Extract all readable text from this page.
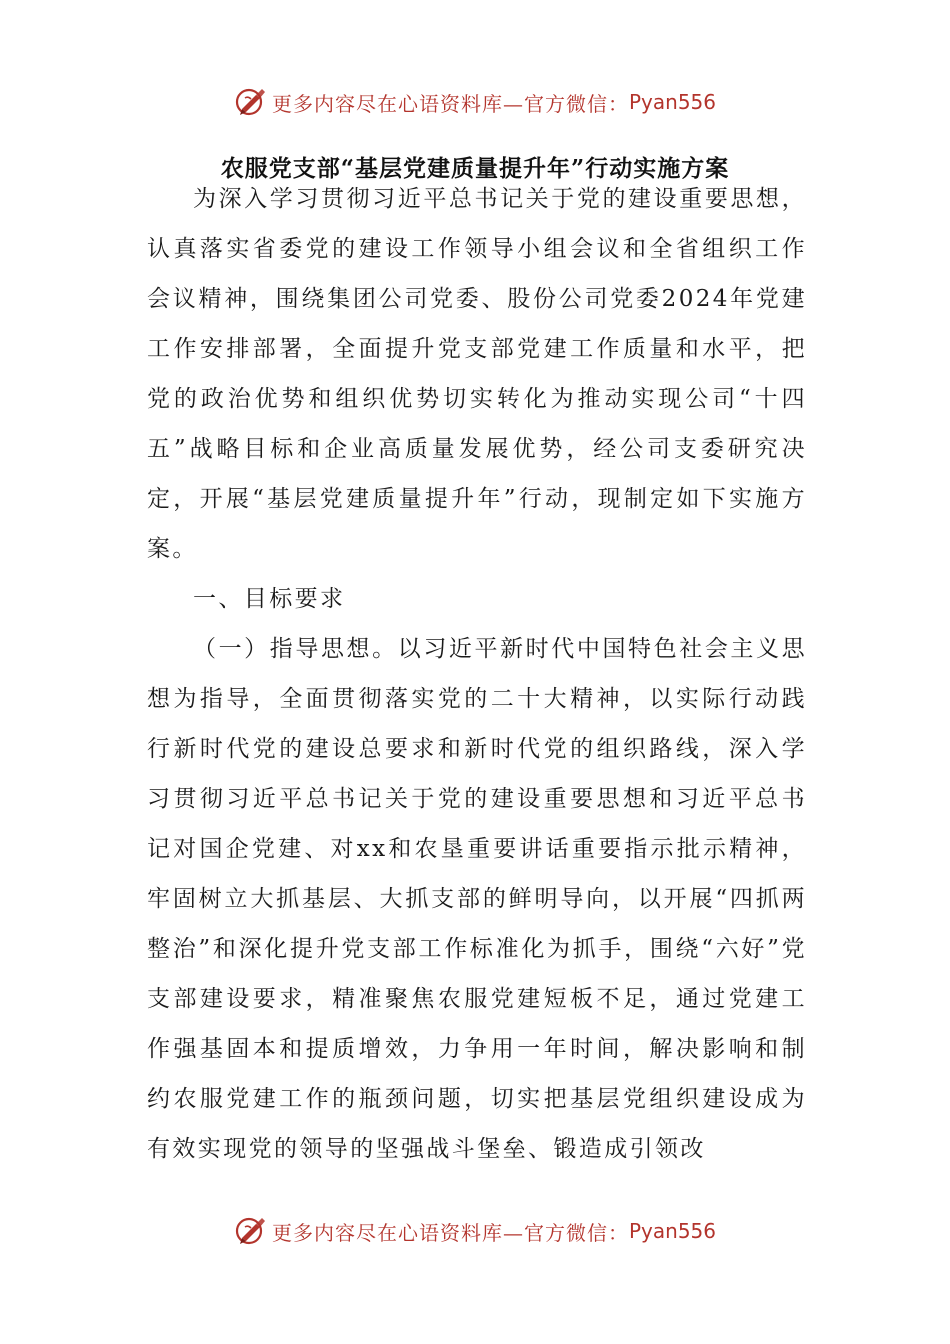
更多内容尽在心语资料库—官方微信： Pyan556
农服党支部“基层党建质量提升年”行动实施方案

为深入学习贯彻习近平总书记关于党的建设重要思想，认真落实省委党的建设工作领导小组会议和全省组织工作会议精神，围绕集团公司党委、股份公司党委2024年党建工作安排部署，全面提升党支部党建工作质量和水平，把党的政治优势和组织优势切实转化为推动实现公司“十四五”战略目标和企业高质量发展优势，经公司支委研究决定，开展“基层党建质量提升年”行动，现制定如下实施方案。

一、目标要求

（一）指导思想。以习近平新时代中国特色社会主义思想为指导，全面贯彻落实党的二十大精神，以实际行动践行新时代党的建设总要求和新时代党的组织路线，深入学习贯彻习近平总书记关于党的建设重要思想和习近平总书记对国企党建、对xx和农垦重要讲话重要指示批示精神，牢固树立大抓基层、大抓支部的鲜明导向，以开展“四抓两整治”和深化提升党支部工作标准化为抓手，围绕“六好”党支部建设要求，精准聚焦农服党建短板不足，通过党建工作强基固本和提质增效，力争用一年时间，解决影响和制约农服党建工作的瓶颈问题，切实把基层党组织建设成为有效实现党的领导的坚强战斗堡垒、锻造成引领改

更多内容尽在心语资料库—官方微信： Pyan556
